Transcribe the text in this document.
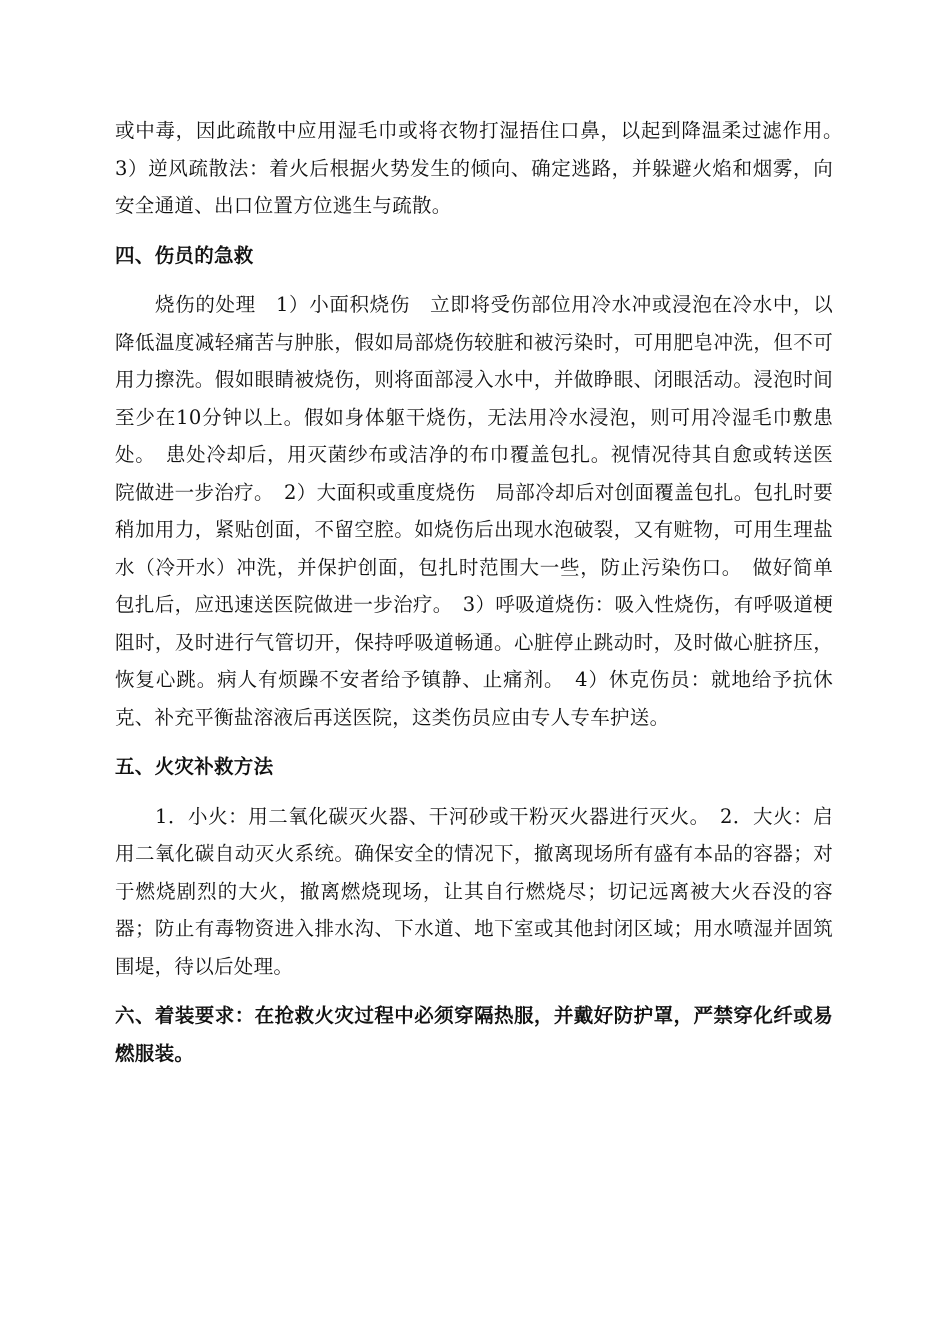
或中毒，因此疏散中应用湿毛巾或将衣物打湿捂住口鼻，以起到降温柔过滤作用。　3）逆风疏散法：着火后根据火势发生的倾向、确定逃路，并躲避火焰和烟雾，向安全通道、出口位置方位逃生与疏散。

四、伤员的急救

烧伤的处理　1）小面积烧伤　立即将受伤部位用冷水冲或浸泡在冷水中，以降低温度减轻痛苦与肿胀，假如局部烧伤较脏和被污染时，可用肥皂冲洗，但不可用力擦洗。假如眼睛被烧伤，则将面部浸入水中，并做睁眼、闭眼活动。浸泡时间至少在10分钟以上。假如身体躯干烧伤，无法用冷水浸泡，则可用冷湿毛巾敷患处。　患处冷却后，用灭菌纱布或洁净的布巾覆盖包扎。视情况待其自愈或转送医院做进一步治疗。　2）大面积或重度烧伤　局部冷却后对创面覆盖包扎。包扎时要稍加用力，紧贴创面，不留空腔。如烧伤后出现水泡破裂，又有赃物，可用生理盐水（冷开水）冲洗，并保护创面，包扎时范围大一些，防止污染伤口。　做好简单包扎后，应迅速送医院做进一步治疗。　3）呼吸道烧伤：吸入性烧伤，有呼吸道梗阻时，及时进行气管切开，保持呼吸道畅通。心脏停止跳动时，及时做心脏挤压，恢复心跳。病人有烦躁不安者给予镇静、止痛剂。　4）休克伤员：就地给予抗休克、补充平衡盐溶液后再送医院，这类伤员应由专人专车护送。

五、火灾补救方法

1．小火：用二氧化碳灭火器、干河砂或干粉灭火器进行灭火。　2．大火：启用二氧化碳自动灭火系统。确保安全的情况下，撤离现场所有盛有本品的容器；对于燃烧剧烈的大火，撤离燃烧现场，让其自行燃烧尽；切记远离被大火吞没的容器；防止有毒物资进入排水沟、下水道、地下室或其他封闭区域；用水喷湿并固筑围堤，待以后处理。

六、着装要求：在抢救火灾过程中必须穿隔热服，并戴好防护罩，严禁穿化纤或易燃服装。
